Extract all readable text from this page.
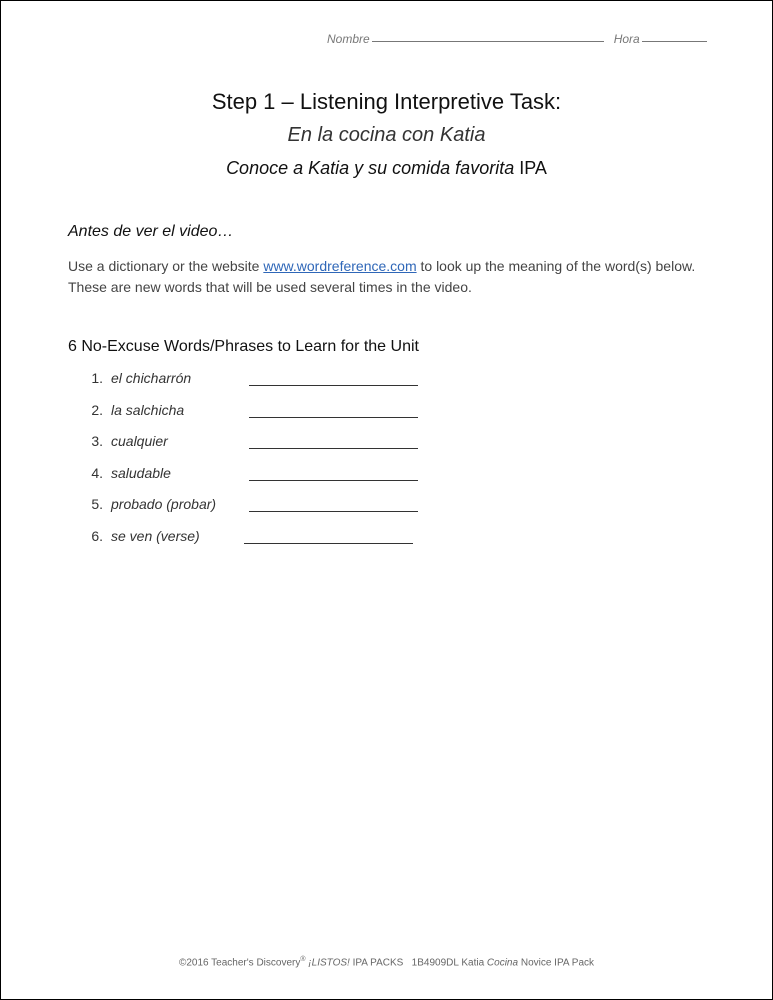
Nombre	Hora
Step 1 – Listening Interpretive Task:
En la cocina con Katia
Conoce a Katia y su comida favorita IPA
Antes de ver el video…
Use a dictionary or the website www.wordreference.com to look up the meaning of the word(s) below. These are new words that will be used several times in the video.
6 No-Excuse Words/Phrases to Learn for the Unit
1. el chicharrón
2. la salchicha
3. cualquier
4. saludable
5. probado (probar)
6. se ven (verse)
©2016 Teacher's Discovery® ¡LISTOS! IPA PACKS   1B4909DL Katia Cocina Novice IPA Pack
